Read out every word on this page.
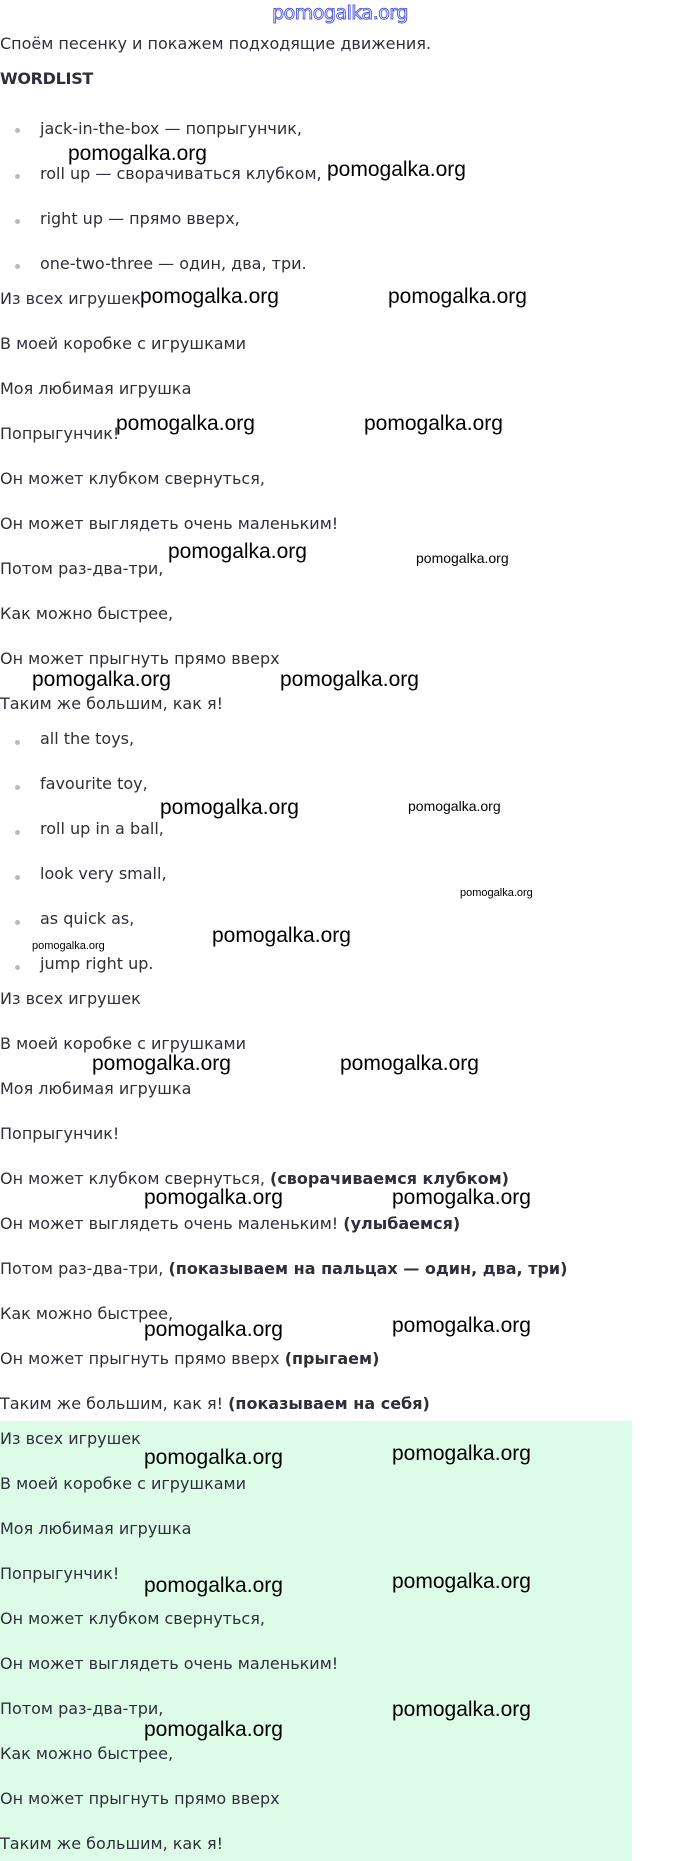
pomogalka.org
Споём песенку и покажем подходящие движения.
WORDLIST
jack-in-the-box — попрыгунчик,
roll up — сворачиваться клубком,
right up — прямо вверх,
one-two-three — один, два, три.
Из всех игрушек
В моей коробке с игрушками
Моя любимая игрушка
Попрыгунчик!
Он может клубком свернуться,
Он может выглядеть очень маленьким!
Потом раз-два-три,
Как можно быстрее,
Он может прыгнуть прямо вверх
Таким же большим, как я!
all the toys,
favourite toy,
roll up in a ball,
look very small,
as quick as,
jump right up.
Из всех игрушек
В моей коробке с игрушками
Моя любимая игрушка
Попрыгунчик!
Он может клубком свернуться, (сворачиваемся клубком)
Он может выглядеть очень маленьким! (улыбаемся)
Потом раз-два-три, (показываем на пальцах — один, два, три)
Как можно быстрее,
Он может прыгнуть прямо вверх (прыгаем)
Таким же большим, как я! (показываем на себя)
Из всех игрушек
В моей коробке с игрушками
Моя любимая игрушка
Попрыгунчик!
Он может клубком свернуться,
Он может выглядеть очень маленьким!
Потом раз-два-три,
Как можно быстрее,
Он может прыгнуть прямо вверх
Таким же большим, как я!
pomogalka.org
pomogalka.org
pomogalka.org	pomogalka.org
pomogalka.org	pomogalka.org
pomogalka.org	pomogalka.org
pomogalka.org	pomogalka.org
pomogalka.org	pomogalka.org
pomogalka.org
pomogalka.org
pomogalka.org
pomogalka.org	pomogalka.org
pomogalka.org	pomogalka.org
pomogalka.org	pomogalka.org
pomogalka.org	pomogalka.org
pomogalka.org	pomogalka.org
pomogalka.org
pomogalka.org
